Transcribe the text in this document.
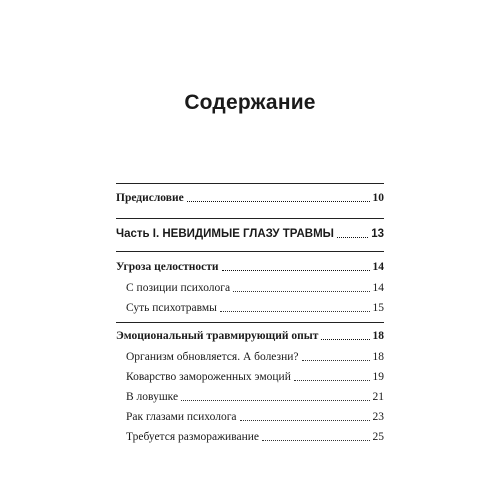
Содержание
Предисловие	10
Часть I. НЕВИДИМЫЕ ГЛАЗУ ТРАВМЫ	13
Угроза целостности	14
С позиции психолога	14
Суть психотравмы	15
Эмоциональный травмирующий опыт	18
Организм обновляется. А болезни?	18
Коварство замороженных эмоций	19
В ловушке	21
Рак глазами психолога	23
Требуется размораживание	25
